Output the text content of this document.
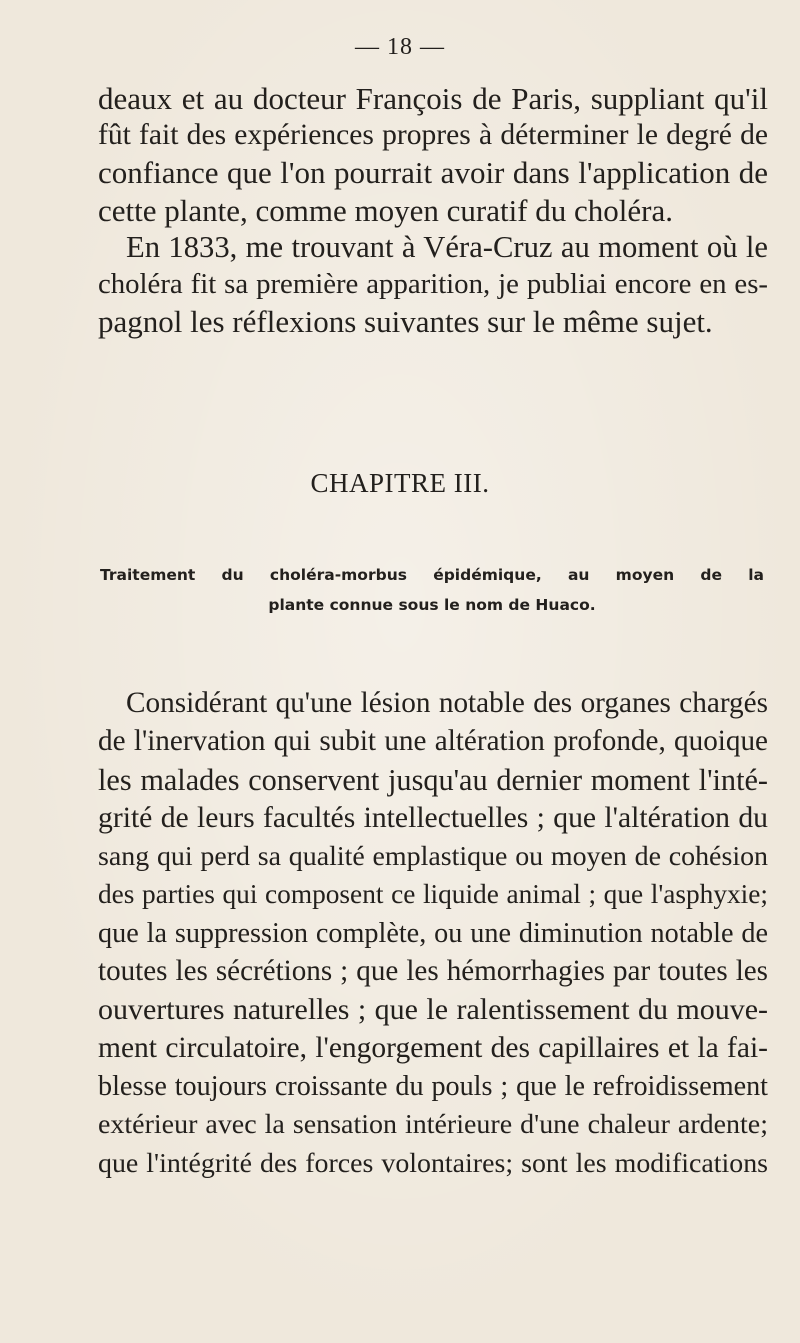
— 18 —
deaux et au docteur François de Paris, suppliant qu'il
fût fait des expériences propres à déterminer le degré de
confiance que l'on pourrait avoir dans l'application de
cette plante, comme moyen curatif du choléra.
En 1833, me trouvant à Véra-Cruz au moment où le
choléra fit sa première apparition, je publiai encore en es-
pagnol les réflexions suivantes sur le même sujet.
CHAPITRE III.
Traitement du choléra-morbus épidémique, au moyen de la
plante connue sous le nom de Huaco.
Considérant qu'une lésion notable des organes chargés
de l'inervation qui subit une altération profonde, quoique
les malades conservent jusqu'au dernier moment l'inté-
grité de leurs facultés intellectuelles ; que l'altération du
sang qui perd sa qualité emplastique ou moyen de cohésion
des parties qui composent ce liquide animal ; que l'asphyxie;
que la suppression complète, ou une diminution notable de
toutes les sécrétions ; que les hémorrhagies par toutes les
ouvertures naturelles ; que le ralentissement du mouve-
ment circulatoire, l'engorgement des capillaires et la fai-
blesse toujours croissante du pouls ; que le refroidissement
extérieur avec la sensation intérieure d'une chaleur ardente;
que l'intégrité des forces volontaires; sont les modifications
